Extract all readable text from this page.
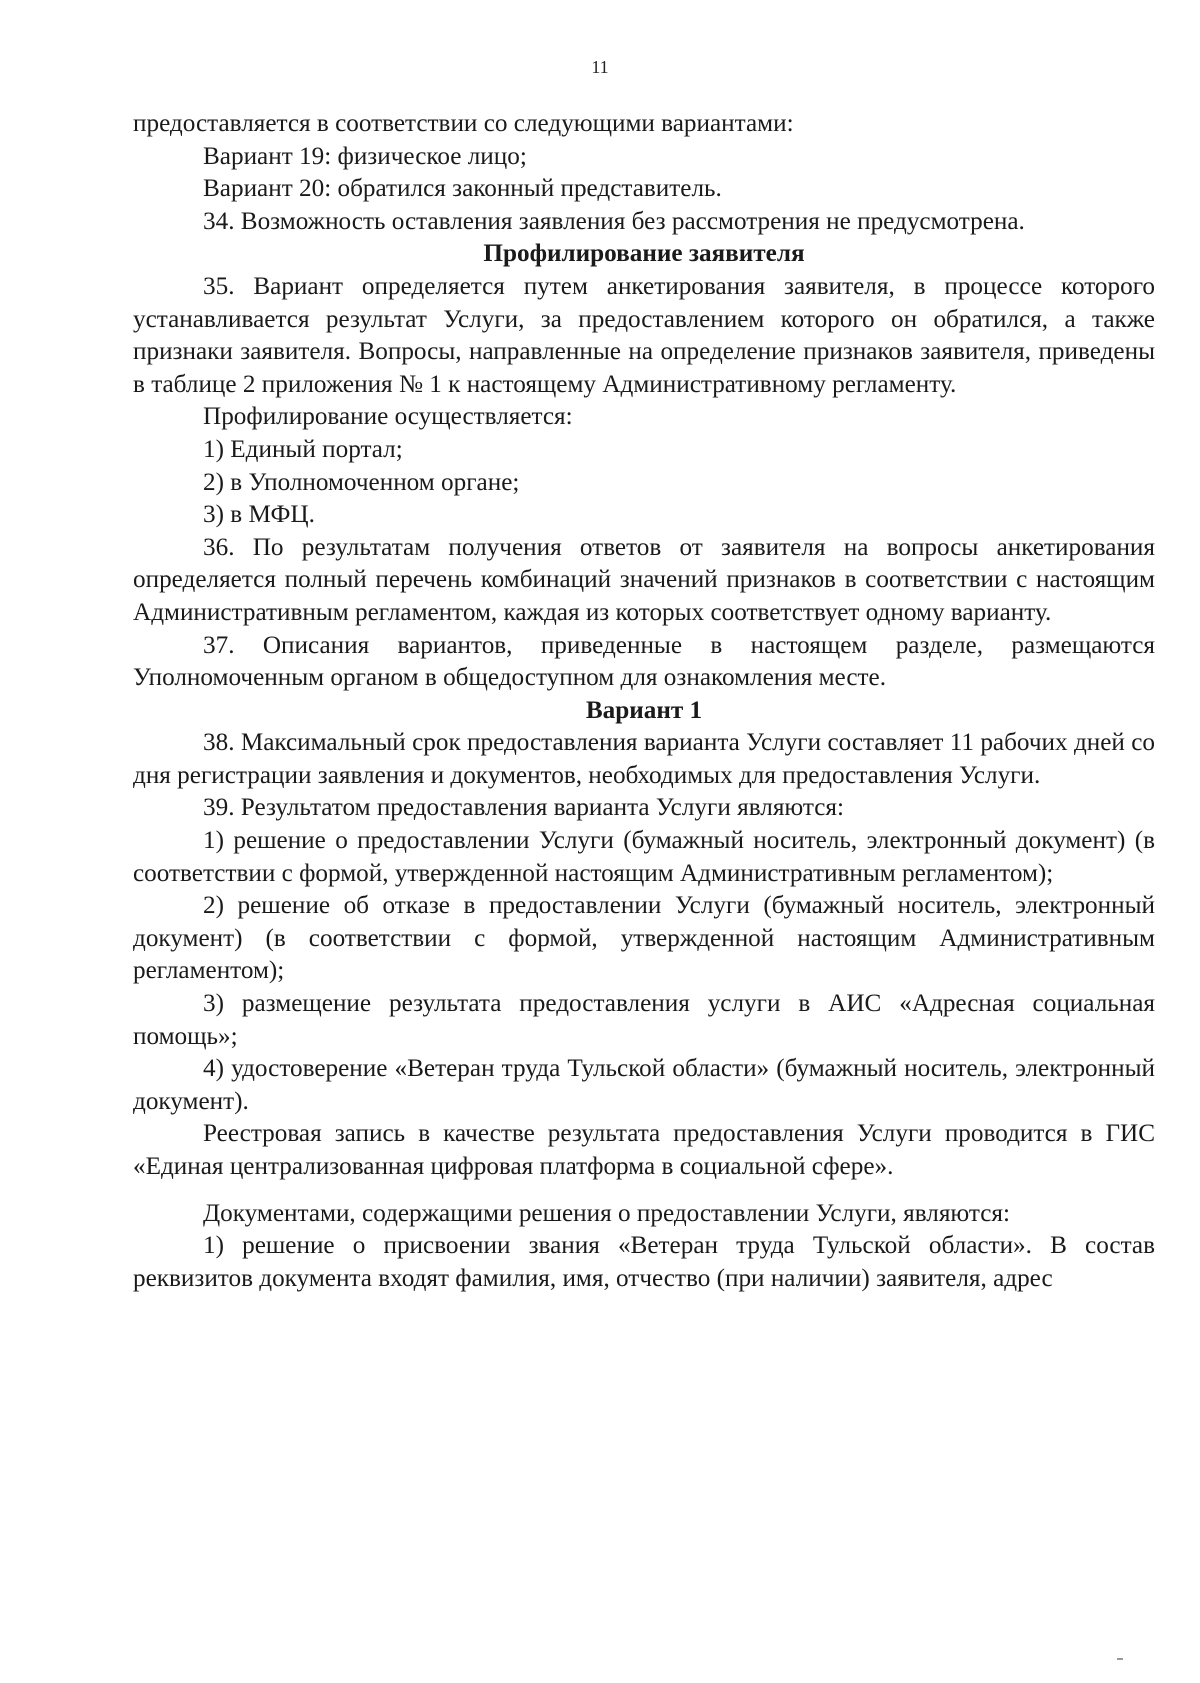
11

предоставляется в соответствии со следующими вариантами:

Вариант 19: физическое лицо;

Вариант 20: обратился законный представитель.

34. Возможность оставления заявления без рассмотрения не предусмотрена.

Профилирование заявителя

35. Вариант определяется путем анкетирования заявителя, в процессе которого устанавливается результат Услуги, за предоставлением которого он обратился, а также признаки заявителя. Вопросы, направленные на определение признаков заявителя, приведены в таблице 2 приложения № 1 к настоящему Административному регламенту.

Профилирование осуществляется:

1) Единый портал;

2) в Уполномоченном органе;

3) в МФЦ.

36. По результатам получения ответов от заявителя на вопросы анкетирования определяется полный перечень комбинаций значений признаков в соответствии с настоящим Административным регламентом, каждая из которых соответствует одному варианту.

37. Описания вариантов, приведенные в настоящем разделе, размещаются Уполномоченным органом в общедоступном для ознакомления месте.

Вариант 1

38. Максимальный срок предоставления варианта Услуги составляет 11 рабочих дней со дня регистрации заявления и документов, необходимых для предоставления Услуги.

39. Результатом предоставления варианта Услуги являются:

1) решение о предоставлении Услуги (бумажный носитель, электронный документ) (в соответствии с формой, утвержденной настоящим Административным регламентом);

2) решение об отказе в предоставлении Услуги (бумажный носитель, электронный документ) (в соответствии с формой, утвержденной настоящим Административным регламентом);

3) размещение результата предоставления услуги в АИС «Адресная социальная помощь»;

4) удостоверение «Ветеран труда Тульской области» (бумажный носитель, электронный документ).

Реестровая запись в качестве результата предоставления Услуги проводится в ГИС «Единая централизованная цифровая платформа в социальной сфере».

Документами, содержащими решения о предоставлении Услуги, являются:

1) решение о присвоении звания «Ветеран труда Тульской области». В состав реквизитов документа входят фамилия, имя, отчество (при наличии) заявителя, адрес
